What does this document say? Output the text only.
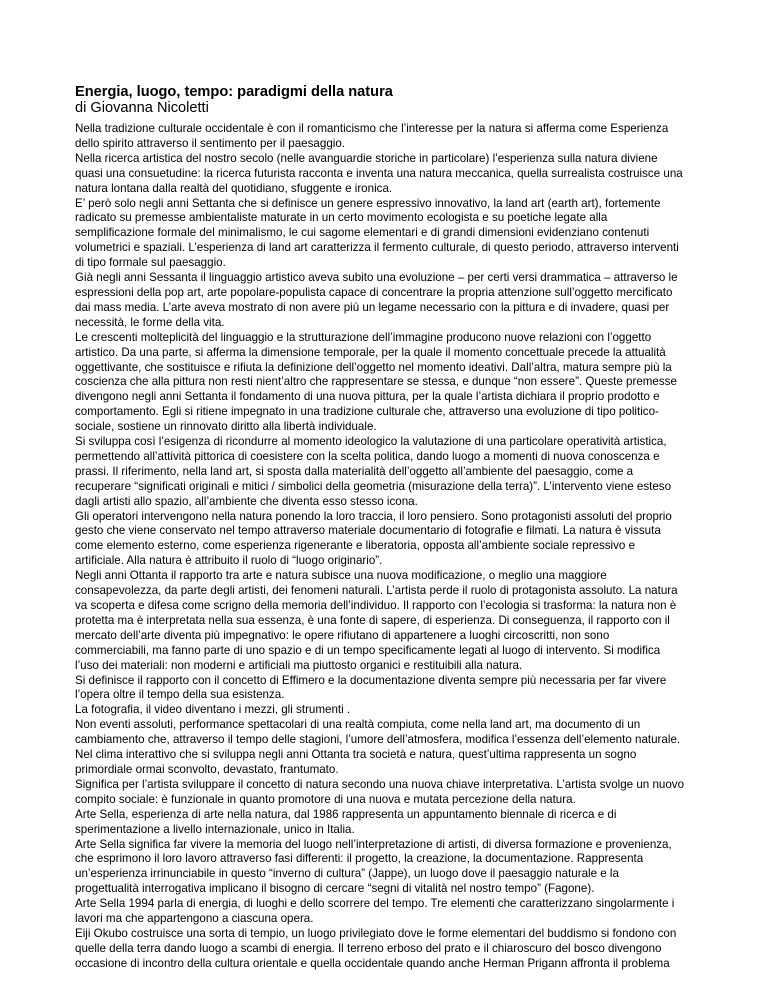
Energia, luogo, tempo: paradigmi della natura
di Giovanna Nicoletti

Nella tradizione culturale occidentale è con il romanticismo che l’interesse per la natura si afferma come Esperienza dello spirito attraverso il sentimento per il paesaggio.

Nella ricerca artistica del nostro secolo (nelle avanguardie storiche in particolare) l’esperienza sulla natura diviene quasi una consuetudine: la ricerca futurista racconta e inventa una natura meccanica, quella surrealista costruisce una natura lontana dalla realtà del quotidiano, sfuggente e ironica.

E’ però solo negli anni Settanta che si definisce un genere espressivo innovativo, la land art (earth art), fortemente radicato su premesse ambientaliste maturate in un certo movimento ecologista e su poetiche legate alla semplificazione formale del minimalismo, le cui sagome elementari e di grandi dimensioni evidenziano contenuti volumetrici e spaziali. L’esperienza di land art caratterizza il fermento culturale, di questo periodo, attraverso interventi di tipo formale sul paesaggio.

Già negli anni Sessanta il linguaggio artistico aveva subito una evoluzione – per certi versi drammatica – attraverso le espressioni della pop art, arte popolare-populista capace di concentrare la propria attenzione sull’oggetto mercificato dai mass media. L’arte aveva mostrato di non avere più un legame necessario con la pittura e di invadere, quasi per necessità, le forme della vita.

Le crescenti molteplicità del linguaggio e la strutturazione dell’immagine producono nuove relazioni con l’oggetto artistico. Da una parte, si afferma la dimensione temporale, per la quale il momento concettuale precede la attualità oggettivante, che sostituisce e rifiuta la definizione dell’oggetto nel momento ideativi. Dall’altra, matura sempre più la coscienza che alla pittura non resti nient’altro che rappresentare se stessa, e dunque “non essere”. Queste premesse divengono negli anni Settanta il fondamento di una nuova pittura, per la quale l’artista dichiara il proprio prodotto e comportamento. Egli si ritiene impegnato in una tradizione culturale che, attraverso una evoluzione di tipo politico-sociale, sostiene un rinnovato diritto alla libertà individuale.

Si sviluppa così l’esigenza di ricondurre al momento ideologico la valutazione di una particolare operatività artistica, permettendo all’attività pittorica di coesistere con la scelta politica, dando luogo a momenti di nuova conoscenza e prassi. Il riferimento, nella land art, si sposta dalla materialità dell’oggetto all’ambiente del paesaggio, come a recuperare “significati originali e mitici / simbolici della geometria (misurazione della terra)”. L’intervento viene esteso dagli artisti allo spazio, all’ambiente che diventa esso stesso icona.

Gli operatori intervengono nella natura ponendo la loro traccia, il loro pensiero. Sono protagonisti assoluti del proprio gesto che viene conservato nel tempo attraverso materiale documentario di fotografie e filmati. La natura è vissuta come elemento esterno, come esperienza rigenerante e liberatoria, opposta all’ambiente sociale repressivo e artificiale. Alla natura è attribuito il ruolo di “luogo originario”.

Negli anni Ottanta il rapporto tra arte e natura subisce una nuova modificazione, o meglio una maggiore consapevolezza, da parte degli artisti, dei fenomeni naturali. L’artista perde il ruolo di protagonista assoluto. La natura va scoperta e difesa come scrigno della memoria dell’individuo. Il rapporto con l’ecologia si trasforma: la natura non è protetta ma è interpretata nella sua essenza, è una fonte di sapere, di esperienza. Di conseguenza, il rapporto con il mercato dell’arte diventa più impegnativo: le opere rifiutano di appartenere a luoghi circoscritti, non sono commerciabili, ma fanno parte di uno spazio e di un tempo specificamente legati al luogo di intervento. Si modifica l’uso dei materiali: non moderni e artificiali ma piuttosto organici e restituibili alla natura.

Si definisce il rapporto con il concetto di Effimero e la documentazione diventa sempre più necessaria per far vivere l’opera oltre il tempo della sua esistenza.

La fotografia, il video diventano i mezzi, gli strumenti .

Non eventi assoluti, performance spettacolari di una realtà compiuta, come nella land art, ma documento di un cambiamento che, attraverso il tempo delle stagioni, l’umore dell’atmosfera, modifica l’essenza dell’elemento naturale.

Nel clima interattivo che si sviluppa negli anni Ottanta tra società e natura, quest’ultima rappresenta un sogno primordiale ormai sconvolto, devastato, frantumato.

Significa per l’artista sviluppare il concetto di natura secondo una nuova chiave interpretativa. L’artista svolge un nuovo compito sociale: è funzionale in quanto promotore di una nuova e mutata percezione della natura.

Arte Sella, esperienza di arte nella natura, dal 1986 rappresenta un appuntamento biennale di ricerca e di sperimentazione a livello internazionale, unico in Italia.

Arte Sella significa far vivere la memoria del luogo nell’interpretazione di artisti, di diversa formazione e provenienza, che esprimono il loro lavoro attraverso fasi differenti: il progetto, la creazione, la documentazione. Rappresenta un’esperienza irrinunciabile in questo “inverno di cultura” (Jappe), un luogo dove il paesaggio naturale e la progettualità interrogativa implicano il bisogno di cercare “segni di vitalità nel nostro tempo” (Fagone).

Arte Sella 1994 parla di energia, di luoghi e dello scorrere del tempo. Tre elementi che caratterizzano singolarmente i lavori ma che appartengono a ciascuna opera.

Eiji Okubo costruisce una sorta di tempio, un luogo privilegiato dove le forme elementari del buddismo si fondono con quelle della terra dando luogo a scambi di energia. Il terreno erboso del prato e il chiaroscuro del bosco divengono occasione di incontro della cultura orientale e quella occidentale quando anche Herman Prigann affronta il problema
